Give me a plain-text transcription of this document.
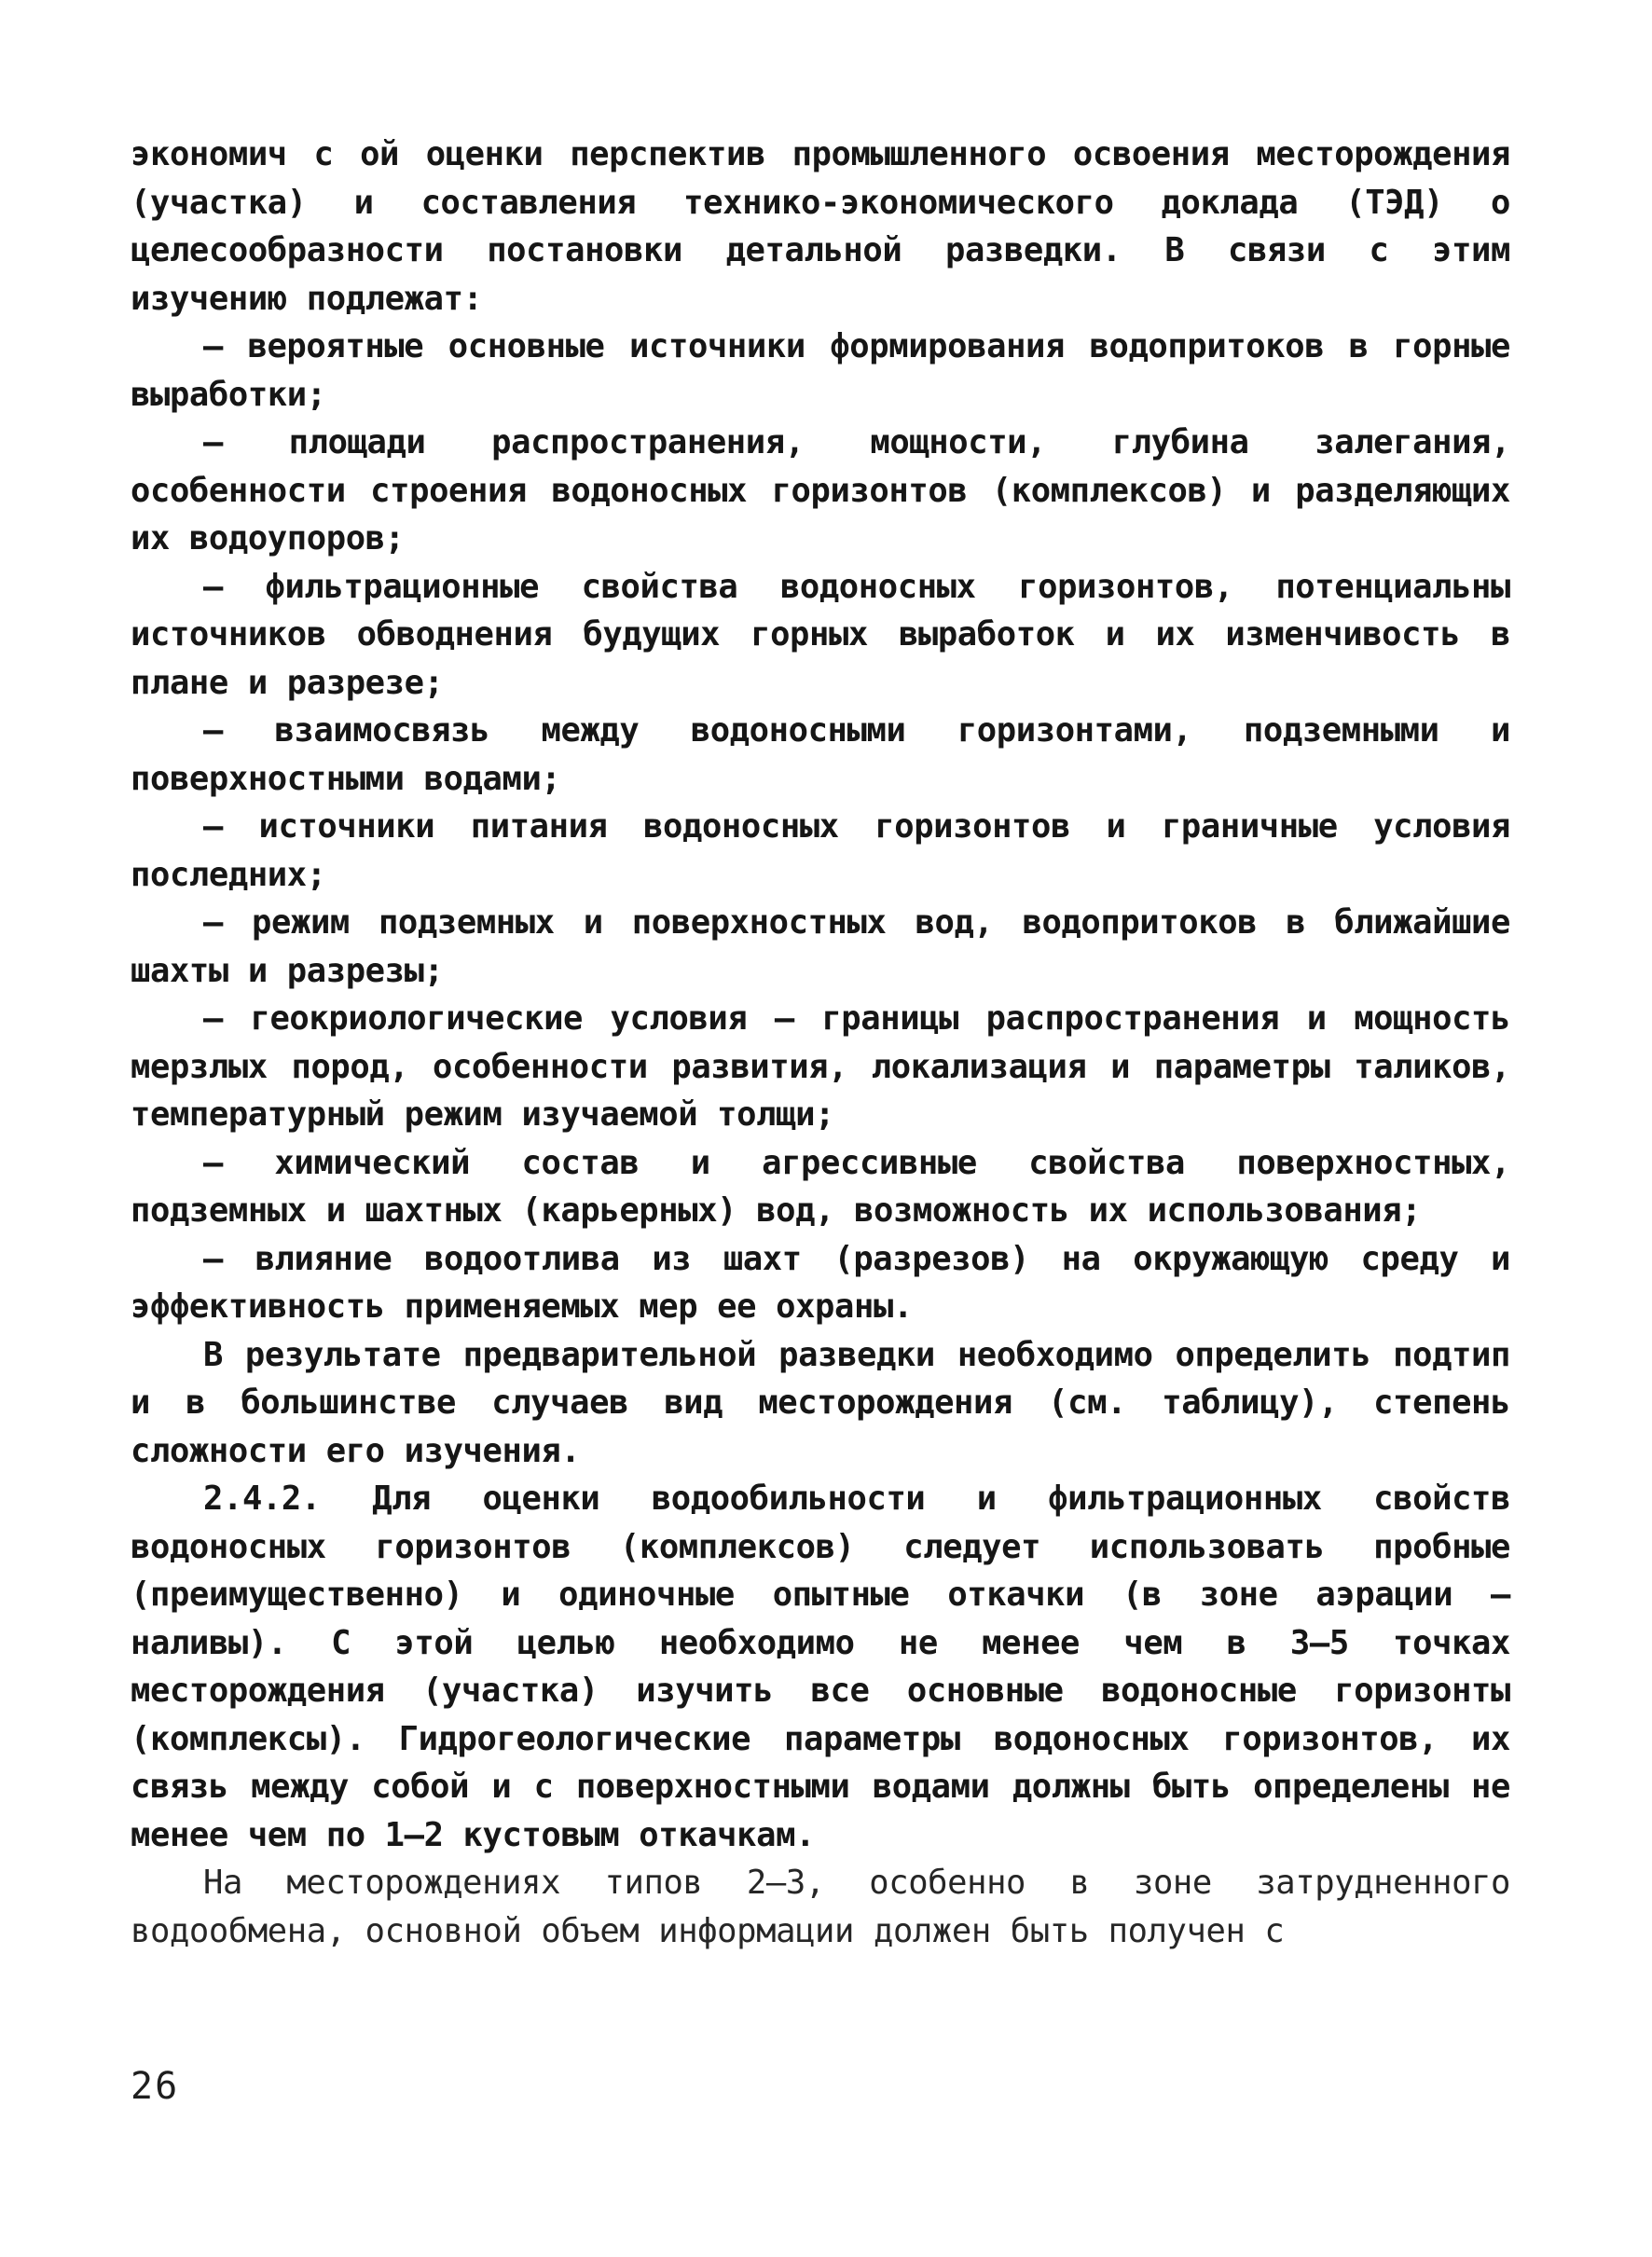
экономич с ой оценки перспектив промышленного освоения месторождения (участка) и составления технико-экономического доклада (ТЭД) о целесообразности постановки детальной разведки. В связи с этим изучению подлежат:

– вероятные основные источники формирования водопритоков в горные выработки;

– площади распространения, мощности, глубина залегания, особенности строения водоносных горизонтов (комплексов) и разделяющих их водоупоров;

– фильтрационные свойства водоносных горизонтов, потенциальны источников обводнения будущих горных выработок и их изменчивость в плане и разрезе;

– взаимосвязь между водоносными горизонтами, подземными и поверхностными водами;

– источники питания водоносных горизонтов и граничные условия последних;

– режим подземных и поверхностных вод, водопритоков в ближайшие шахты и разрезы;

– геокриологические условия – границы распространения и мощность мерзлых пород, особенности развития, локализация и параметры таликов, температурный режим изучаемой толщи;

– химический состав и агрессивные свойства поверхностных, подземных и шахтных (карьерных) вод, возможность их использования;

– влияние водоотлива из шахт (разрезов) на окружающую среду и эффективность применяемых мер ее охраны.

В результате предварительной разведки необходимо определить подтип и в большинстве случаев вид месторождения (см. таблицу), степень сложности его изучения.

2.4.2. Для оценки водообильности и фильтрационных свойств водоносных горизонтов (комплексов) следует использовать пробные (преимущественно) и одиночные опытные откачки (в зоне аэрации – наливы). С этой целью необходимо не менее чем в 3–5 точках месторождения (участка) изучить все основные водоносные горизонты (комплексы). Гидрогеологические параметры водоносных горизонтов, их связь между собой и с поверхностными водами должны быть определены не менее чем по 1–2 кустовым откачкам.

На месторождениях типов 2–3, особенно в зоне затрудненного водообмена, основной объем информации должен быть получен с

26
